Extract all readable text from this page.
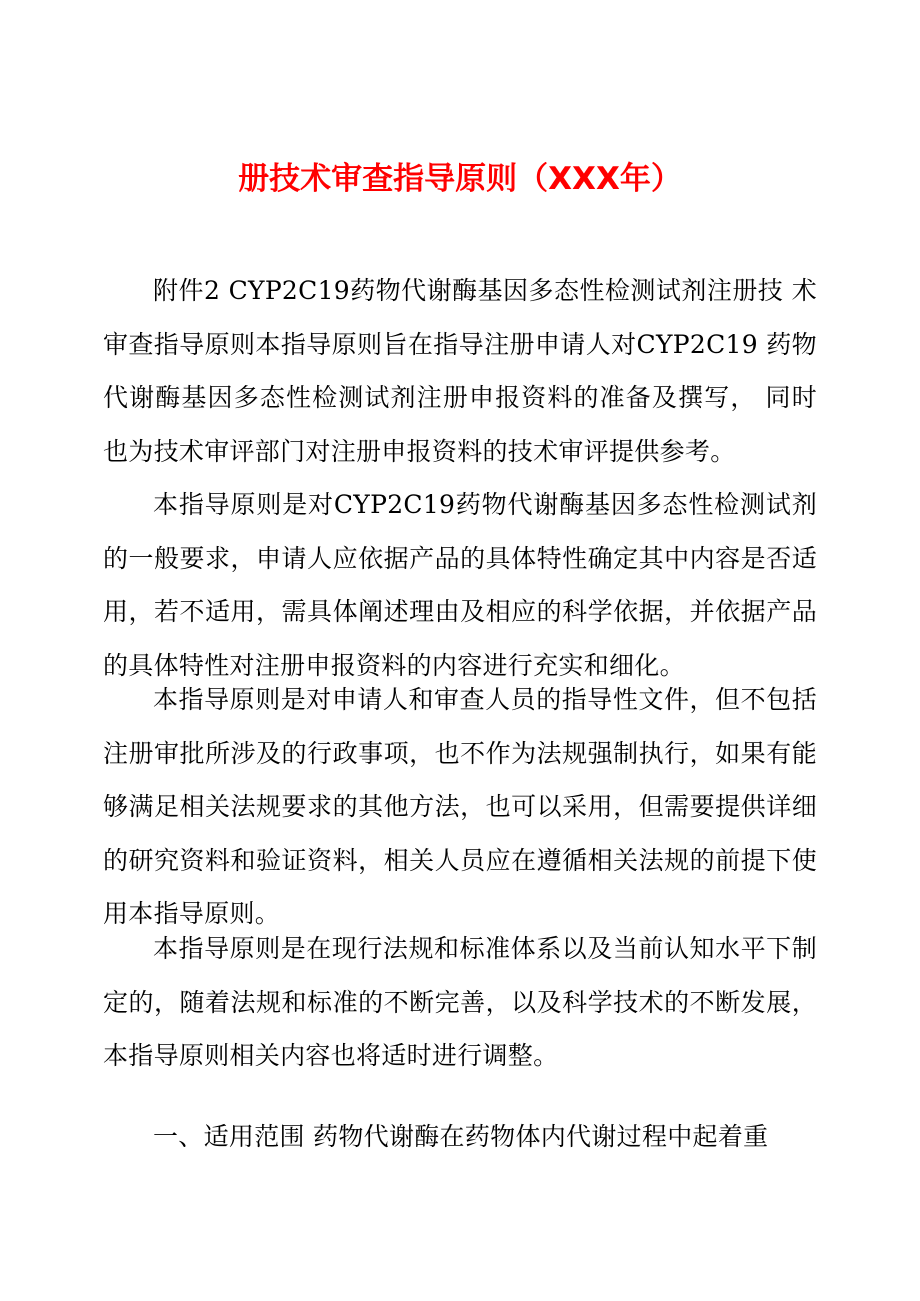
册技术审查指导原则（XXX年）

附件2 CYP2C19药物代谢酶基因多态性检测试剂注册技 术审查指导原则本指导原则旨在指导注册申请人对CYP2C19 药物代谢酶基因多态性检测试剂注册申报资料的准备及撰写， 同时也为技术审评部门对注册申报资料的技术审评提供参考。

本指导原则是对CYP2C19药物代谢酶基因多态性检测试剂的一般要求，申请人应依据产品的具体特性确定其中内容是否适用，若不适用，需具体阐述理由及相应的科学依据，并依据产品的具体特性对注册申报资料的内容进行充实和细化。

本指导原则是对申请人和审查人员的指导性文件，但不包括注册审批所涉及的行政事项，也不作为法规强制执行，如果有能够满足相关法规要求的其他方法，也可以采用，但需要提供详细的研究资料和验证资料，相关人员应在遵循相关法规的前提下使用本指导原则。

本指导原则是在现行法规和标准体系以及当前认知水平下制定的，随着法规和标准的不断完善，以及科学技术的不断发展，本指导原则相关内容也将适时进行调整。

一、适用范围 药物代谢酶在药物体内代谢过程中起着重
